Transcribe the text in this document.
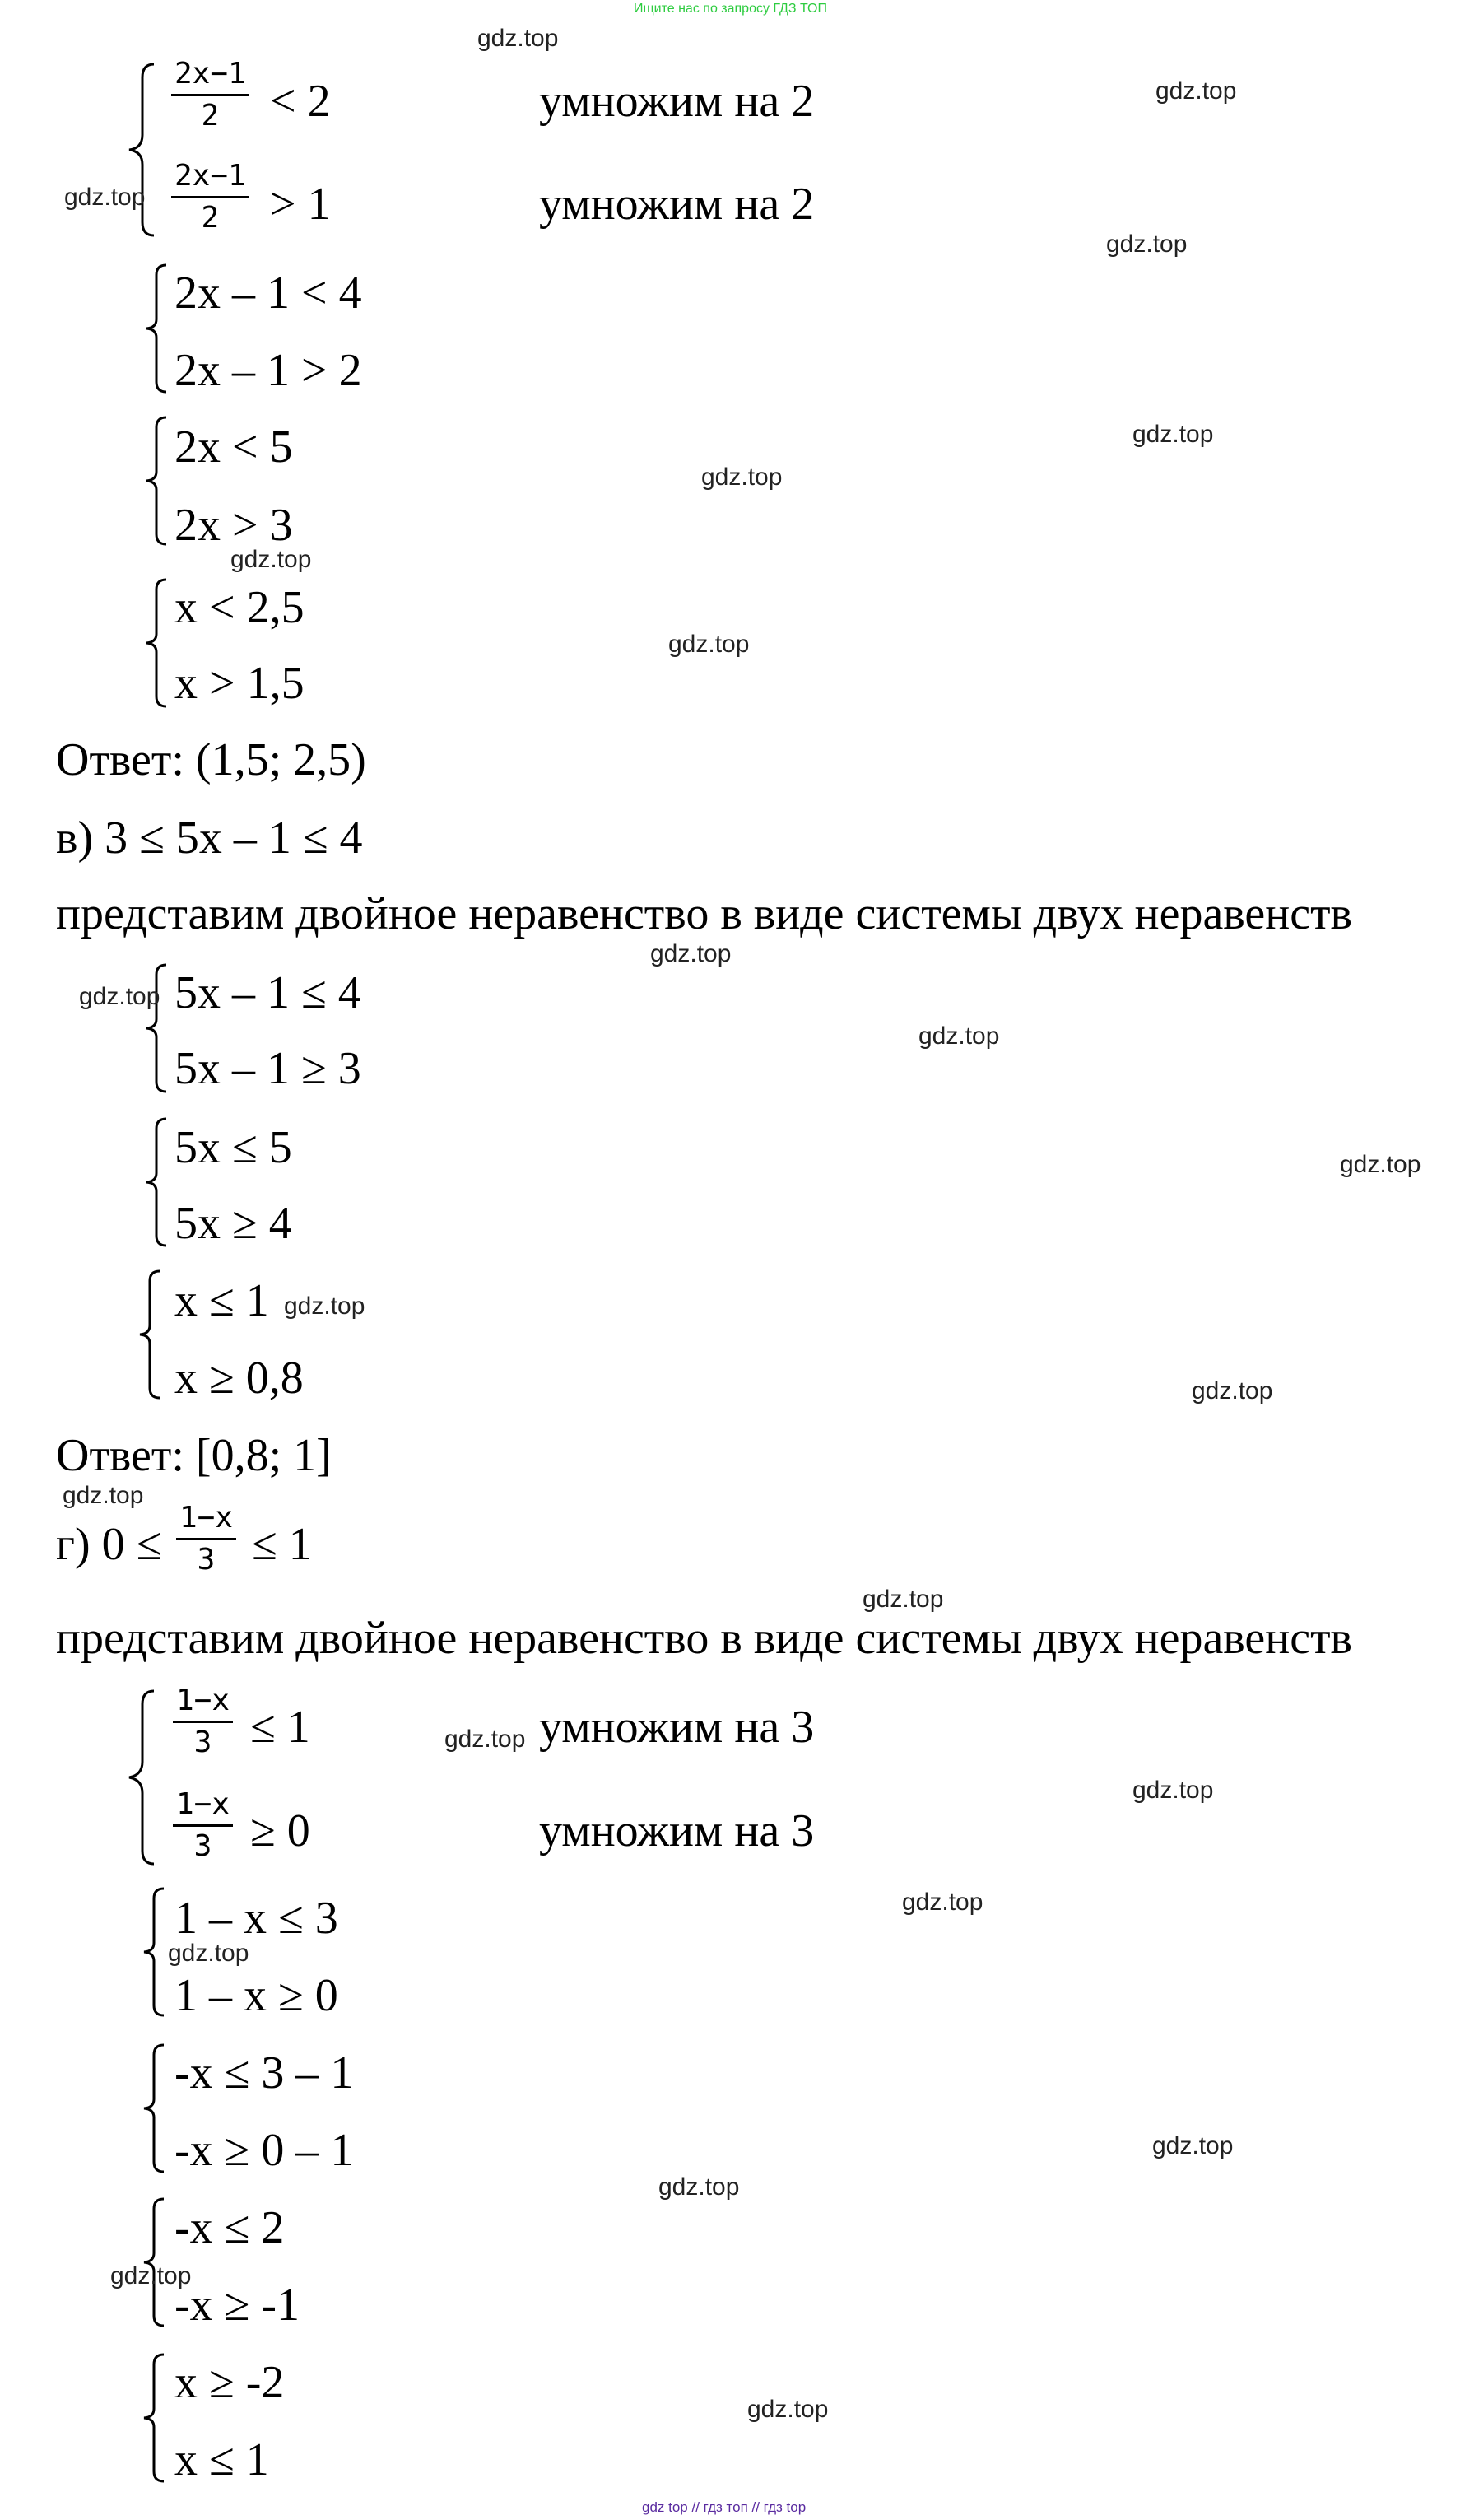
Ищите нас по запросу ГДЗ ТОП
2x−1
2 < 2	умножим на 2
2x−1
2 > 1	умножим на 2
2x – 1 < 4
2x – 1 > 2
2x < 5
2x > 3
x < 2,5
x > 1,5
Ответ: (1,5; 2,5)
в) 3 ≤ 5x – 1 ≤ 4
представим двойное неравенство в виде системы двух неравенств
5x – 1 ≤ 4
5x – 1 ≥ 3
5x ≤ 5
5x ≥ 4
x ≤ 1
x ≥ 0,8
Ответ: [0,8; 1]
г) 0 ≤
1−x
3 ≤ 1
представим двойное неравенство в виде системы двух неравенств
1−x
3 ≤ 1	умножим на 3
1−x
3 ≥ 0	умножим на 3
1 – x ≤ 3
1 – x ≥ 0
-x ≤ 3 – 1
-x ≥ 0 – 1
-x ≤ 2
-x ≥ -1
x ≥ -2
x ≤ 1
gdz.top
gdz.top
gdz.top
gdz.top
gdz.top
gdz.top
gdz.top
gdz.top
gdz.top
gdz.top
gdz.top
gdz.top
gdz.top
gdz.top
gdz.top
gdz.top
gdz.top
gdz.top
gdz.top
gdz.top
gdz.top
gdz.top
gdz.top
gdz.top
gdz top // гдз топ // гдз top
